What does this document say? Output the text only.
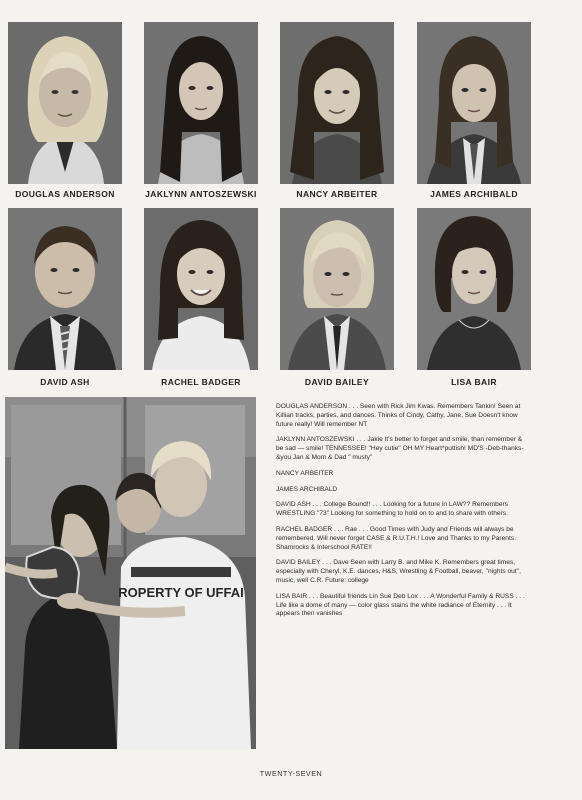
DOUGLAS ANDERSON	JAKLYNN ANTOSZEWSKI	NANCY ARBEITER	JAMES ARCHIBALD
DAVID ASH	RACHEL BADGER	DAVID BAILEY	LISA BAIR
ROPERTY OF UFFAI

DOUGLAS ANDERSON . . . Seen with Rick Jim Kwas. Remembers Tankin! Seen at Killian tracks, parties, and dances. Thinks of Cindy, Cathy, Jane, Sue Doesn't know future really! Will remember NT

JAKLYNN ANTOSZEWSKI . . . Jakie It's better to forget and smile, than remember & be sad — smile! TENNESSEE! "Hey cutie" OH MY Heart*puttish! MD'S -Deb-thanks-&you Jan & Mom & Dad " musty"

NANCY ARBEITER

JAMES ARCHIBALD

DAVID ASH . . . College Bound!! . . . Looking for a future in LAW?? Remembers WRESTLING "73" Looking for something to hold on to and to share with others.

RACHEL BADGER . . . Rae . . . Good Times with Judy and Friends will always be remembered. Will never forget CASE & R.U.T.H.! Love and Thanks to my Parents. Shamrocks & Interschool RATE!!

DAVID BAILEY . . . Dave Seen with Larry B. and Mike K. Remembers great times, especially with Cheryl, K.E. dances, H&S, Wrestling & Football, beaver, ''nights out'', music, well C.R. Future: college

LISA BAIR . . . Beautiful friends Lin Sue Deb Lox . . . A Wonderful Family & RUSS . . . Life like a dome of many — color glass stains the white radiance of Eternity . . . It appears then vanishes

TWENTY-SEVEN
